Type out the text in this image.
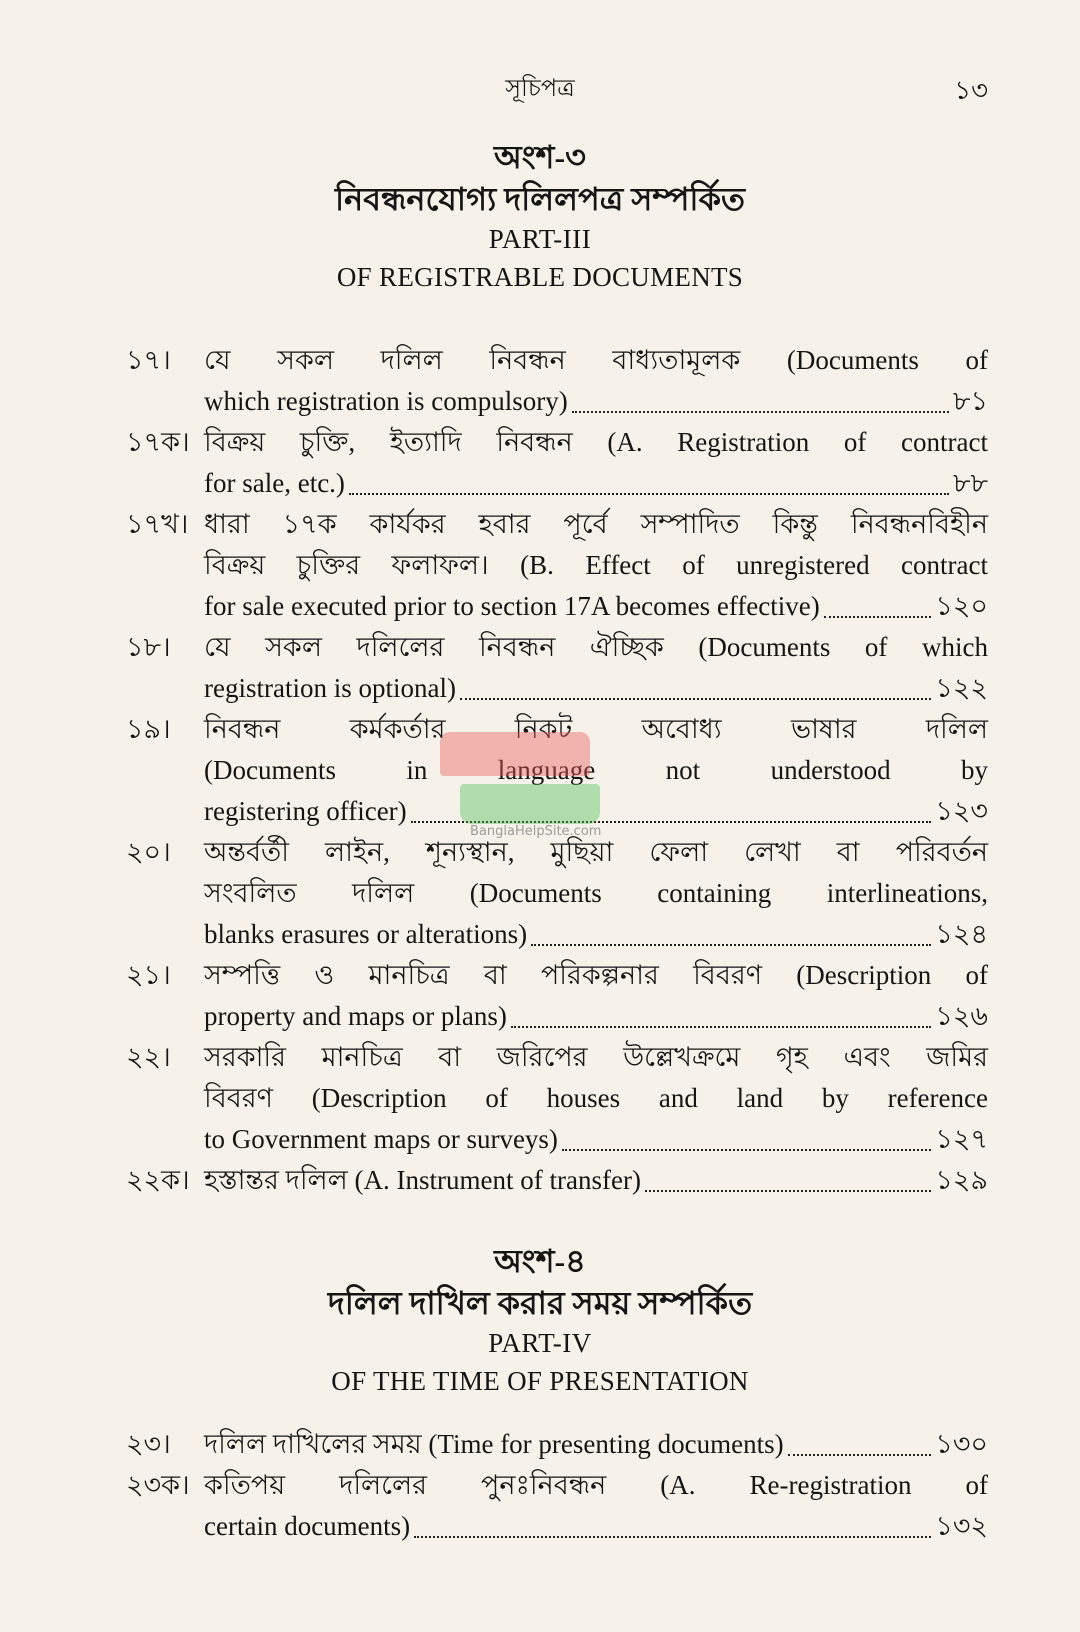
সূচিপত্র	১৩
অংশ-৩
নিবন্ধনযোগ্য দলিলপত্র সম্পর্কিত
PART-III
OF REGISTRABLE DOCUMENTS
১৭। যে সকল দলিল নিবন্ধন বাধ্যতামূলক (Documents of
which registration is compulsory)	৮১
১৭ক। বিক্রয় চুক্তি, ইত্যাদি নিবন্ধন (A. Registration of contract
for sale, etc.)	৮৮
১৭খ। ধারা ১৭ক কার্যকর হবার পূর্বে সম্পাদিত কিন্তু নিবন্ধনবিহীন
বিক্রয় চুক্তির ফলাফল। (B. Effect of unregistered contract
for sale executed prior to section 17A becomes effective)	১২০
১৮। যে সকল দলিলের নিবন্ধন ঐচ্ছিক (Documents of which
registration is optional)	১২২
১৯। নিবন্ধন কর্মকর্তার নিকট অবোধ্য ভাষার দলিল
(Documents in language not understood by
registering officer)	১২৩
২০। অন্তর্বর্তী লাইন, শূন্যস্থান, মুছিয়া ফেলা লেখা বা পরিবর্তন
সংবলিত দলিল (Documents containing interlineations,
blanks erasures or alterations)	১২৪
২১। সম্পত্তি ও মানচিত্র বা পরিকল্পনার বিবরণ (Description of
property and maps or plans)	১২৬
২২। সরকারি মানচিত্র বা জরিপের উল্লেখক্রমে গৃহ এবং জমির
বিবরণ (Description of houses and land by reference
to Government maps or surveys)	১২৭
২২ক। হস্তান্তর দলিল (A. Instrument of transfer)	১২৯
অংশ-৪
দলিল দাখিল করার সময় সম্পর্কিত
PART-IV
OF THE TIME OF PRESENTATION
২৩। দলিল দাখিলের সময় (Time for presenting documents)	১৩০
২৩ক। কতিপয় দলিলের পুনঃনিবন্ধন (A. Re-registration of
certain documents)	১৩২
BanglaHelpSite.com
